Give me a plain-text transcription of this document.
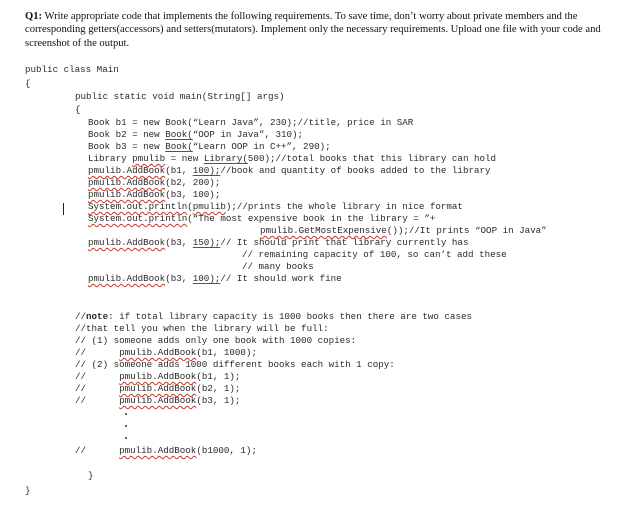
Q1: Write appropriate code that implements the following requirements. To save time, don’t worry about private members and the corresponding getters(accessors) and setters(mutators). Implement only the necessary requirements. Upload one file with your code and screenshot of the output.
public class Main
{
public static void main(String[] args)
{
Book b1 = new Book(“Learn Java”, 230);//title, price in SAR
Book b2 = new Book(“OOP in Java”, 310);
Book b3 = new Book(“Learn OOP in C++”, 290);
Library pmulib = new Library(500);//total books that this library can hold
pmulib.AddBook(b1, 100);//book and quantity of books added to the library
pmulib.AddBook(b2, 200);
pmulib.AddBook(b3, 100);
System.out.println(pmulib);//prints the whole library in nice format
System.out.println(“The most expensive book in the library = ”+
pmulib.GetMostExpensive());//It prints “OOP in Java”
pmulib.AddBook(b3, 150);// It should print that library currently has
// remaining capacity of 100, so can’t add these
// many books
pmulib.AddBook(b3, 100);// It should work fine
//note: if total library capacity is 1000 books then there are two cases
//that tell you when the library will be full:
// (1) someone adds only one book with 1000 copies:
//      pmulib.AddBook(b1, 1000);
// (2) someone adds 1000 different books each with 1 copy:
//      pmulib.AddBook(b1, 1);
//      pmulib.AddBook(b2, 1);
//      pmulib.AddBook(b3, 1);
//      pmulib.AddBook(b1000, 1);
}
}
